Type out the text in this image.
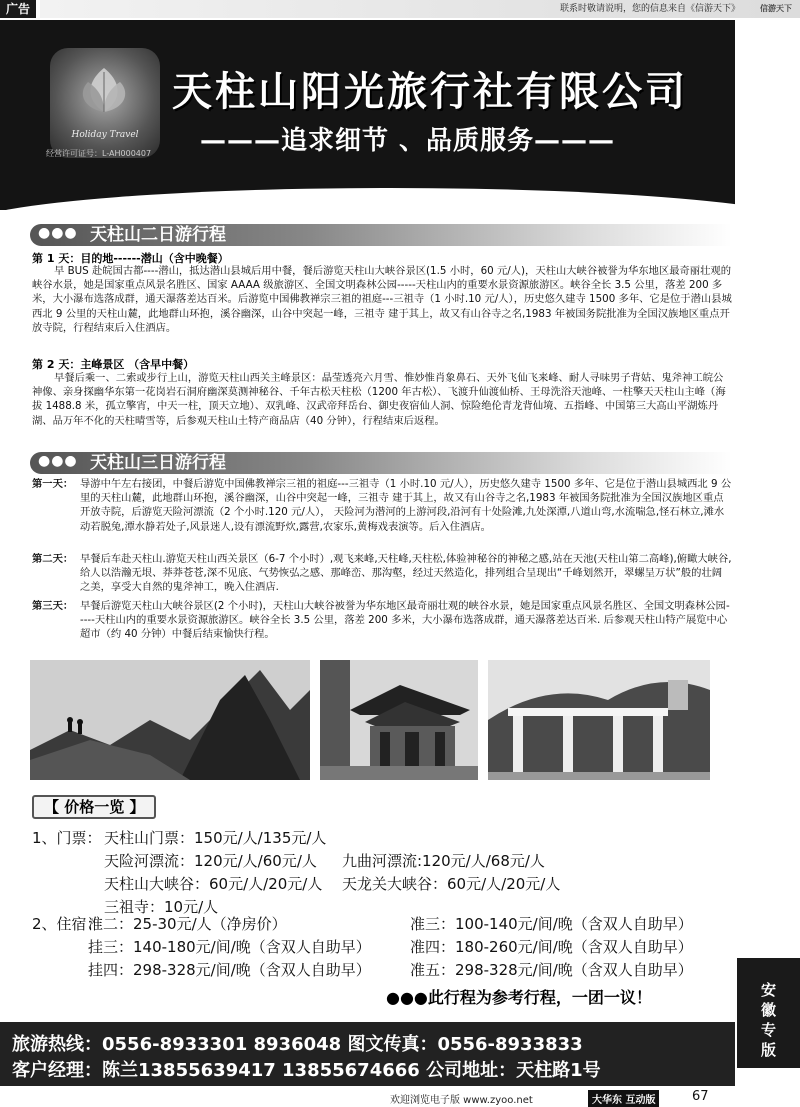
广告	联系时敬请说明，您的信息来自《信游天下》	信游天下
Holiday Travel
天柱山阳光旅行社有限公司
———追求细节 、品质服务———
经营许可证号：L-AH000407
●●● 天柱山二日游行程
第 1 天：目的地------潜山（含中晚餐）
早 BUS 赴皖国古都----潜山，抵达潜山县城后用中餐，餐后游览天柱山大峡谷景区(1.5 小时，60 元/人)，天柱山大峡谷被誉为华东地区最奇丽壮观的峡谷水景，她是国家重点风景名胜区、国家 AAAA 级旅游区、全国文明森林公园-----天柱山内的重要水景资源旅游区。峡谷全长 3.5 公里，落差 200 多米，大小瀑布选落成群，通天瀑落差达百米。后游览中国佛教禅宗三祖的祖庭---三祖寺（1 小时.10 元/人），历史悠久建寺 1500 多年、它是位于潜山县城西北 9 公里的天柱山麓，此地群山环抱，溪谷幽深，山谷中突起一峰，三祖寺 建于其上，故又有山谷寺之名,1983 年被国务院批准为全国汉族地区重点开放寺院，行程结束后入住酒店。
第 2 天：主峰景区 （含早中餐）
早餐后乘一、二索或步行上山，游览天柱山西关主峰景区：晶莹透亮六月雪、惟妙惟肖象鼻石、天外飞仙飞来峰、耐人寻味男子背姑、鬼斧神工皖公神像、亲身探幽华东第一花岗岩石洞府幽深莫测神秘谷、千年古松天柱松（1200 年古松）、飞渡升仙渡仙桥、王母洗浴天池峰、一柱擎天天柱山主峰（海拔 1488.8 米，孤立擎宵，中天一柱，顶天立地）、双乳峰、汉武帝拜岳台、御史夜宿仙人洞、惊险绝伦青龙背仙境、五指峰、中国第三大高山平湖炼丹湖、品万年不化的天柱晴雪等，后参观天柱山土特产商品店（40 分钟），行程结束后返程。
●●● 天柱山三日游行程
第一天： 导游中午左右接团，中餐后游览中国佛教禅宗三祖的祖庭---三祖寺（1 小时.10 元/人），历史悠久建寺 1500 多年、它是位于潜山县城西北 9 公里的天柱山麓，此地群山环抱，溪谷幽深，山谷中突起一峰，三祖寺 建于其上，故又有山谷寺之名,1983 年被国务院批准为全国汉族地区重点开放寺院，后游览天险河漂流（2 个小时.120 元/人）， 天险河为潜河的上游河段,沿河有十处险滩,九处深潭,八道山弯,水流喘急,怪石林立,滩水动若脱兔,潭水静若处子,风景迷人,设有漂流野炊,露营,农家乐,黄梅戏表演等。后入住酒店。
第二天： 早餐后车赴天柱山.游览天柱山西关景区（6-7 个小时）,观飞来峰,天柱峰,天柱松,体验神秘谷的神秘之感,站在天池(天柱山第二高峰),俯瞰大峡谷,给人以浩瀚无垠、莽莽苍苍,深不见底、气势恢弘之感、那峰峦、那沟壑，经过天然造化，排列组合呈现出“千峰划然开，翠螺呈万状”般的壮阔之美，享受大自然的鬼斧神工，晚入住酒店.
第三天： 早餐后游览天柱山大峡谷景区(2 个小时)，天柱山大峡谷被誉为华东地区最奇丽壮观的峡谷水景，她是国家重点风景名胜区、全国文明森林公园-----天柱山内的重要水景资源旅游区。峡谷全长 3.5 公里，落差 200 多米，大小瀑布选落成群，通天瀑落差达百米. 后参观天柱山特产展览中心超市（约 40 分钟）中餐后结束愉快行程。
【 价格一览 】
1、门票： 天柱山门票：150元/人/135元/人
天险河漂流：120元/人/60元/人 九曲河漂流:120元/人/68元/人
天柱山大峡谷：60元/人/20元/人 天龙关大峡谷：60元/人/20元/人
三祖寺：10元/人
2、住宿：
准二：25-30元/人（净房价）	准三：100-140元/间/晚（含双人自助早）
挂三：140-180元/间/晚（含双人自助早）	准四：180-260元/间/晚（含双人自助早）
挂四：298-328元/间/晚（含双人自助早）	准五：298-328元/间/晚（含双人自助早）
●●●此行程为参考行程，一团一议！
旅游热线：0556-8933301 8936048 图文传真：0556-8933833
客户经理：陈兰13855639417 13855674666 公司地址：天柱路1号
安徽专版
欢迎浏览电子版 www.zyoo.net	大华东 互动版	67
